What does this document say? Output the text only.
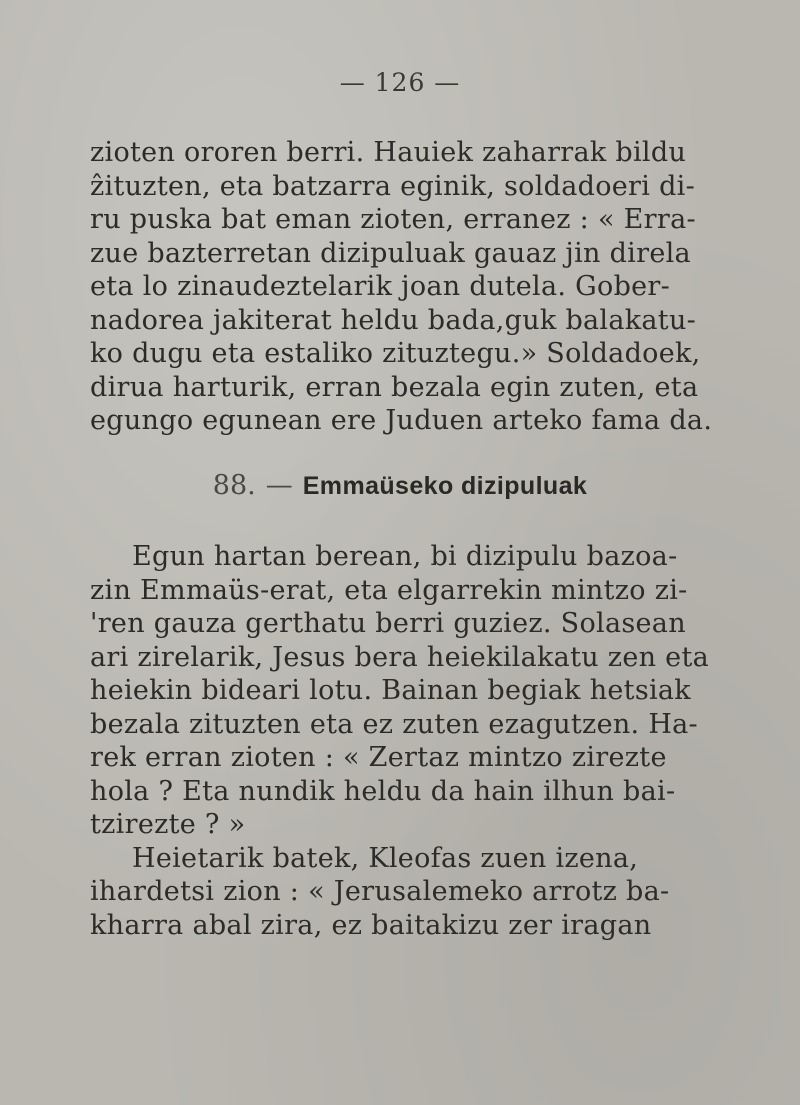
— 126 —
zioten ororen berri. Hauiek zaharrak bildu
ẑituzten, eta batzarra eginik, soldadoeri di-
ru puska bat eman zioten, erranez : « Erra-
zue bazterretan dizipuluak gauaz jin direla
eta lo zinaudeztelarik joan dutela. Gober-
nadorea jakiterat heldu bada,guk balakatu-
ko dugu eta estaliko zituztegu.» Soldadoek,
dirua harturik, erran bezala egin zuten, eta
egungo egunean ere Juduen arteko fama da.
88. — Emmaüseko dizipuluak
Egun hartan berean, bi dizipulu bazoa-
zin Emmaüs-erat, eta elgarrekin mintzo zi-
'ren gauza gerthatu berri guziez. Solasean
ari zirelarik, Jesus bera heiekilakatu zen eta
heiekin bideari lotu. Bainan begiak hetsiak
bezala zituzten eta ez zuten ezagutzen. Ha-
rek erran zioten : « Zertaz mintzo zirezte
hola ? Eta nundik heldu da hain ilhun bai-
tzirezte ? »
Heietarik batek, Kleofas zuen izena,
ihardetsi zion : « Jerusalemeko arrotz ba-
kharra abal zira, ez baitakizu zer iragan
